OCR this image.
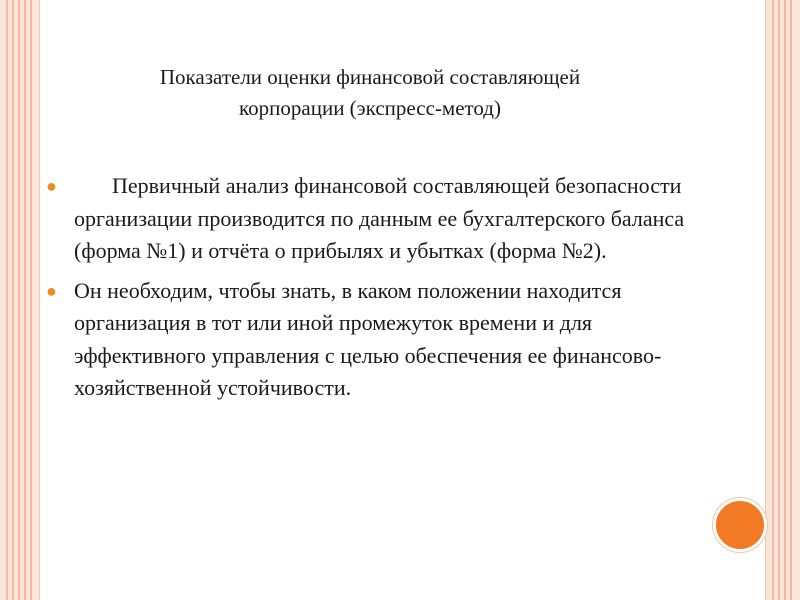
Показатели оценки финансовой составляющей
корпорации (экспресс-метод)
●	Первичный анализ финансовой составляющей безопасности организации производится по данным ее бухгалтерского баланса (форма №1) и отчёта о прибылях и убытках (форма №2).
● Он необходим, чтобы знать, в каком положении находится организация в тот или иной промежуток времени и для эффективного управления с целью обеспечения ее финансово-хозяйственной устойчивости.
